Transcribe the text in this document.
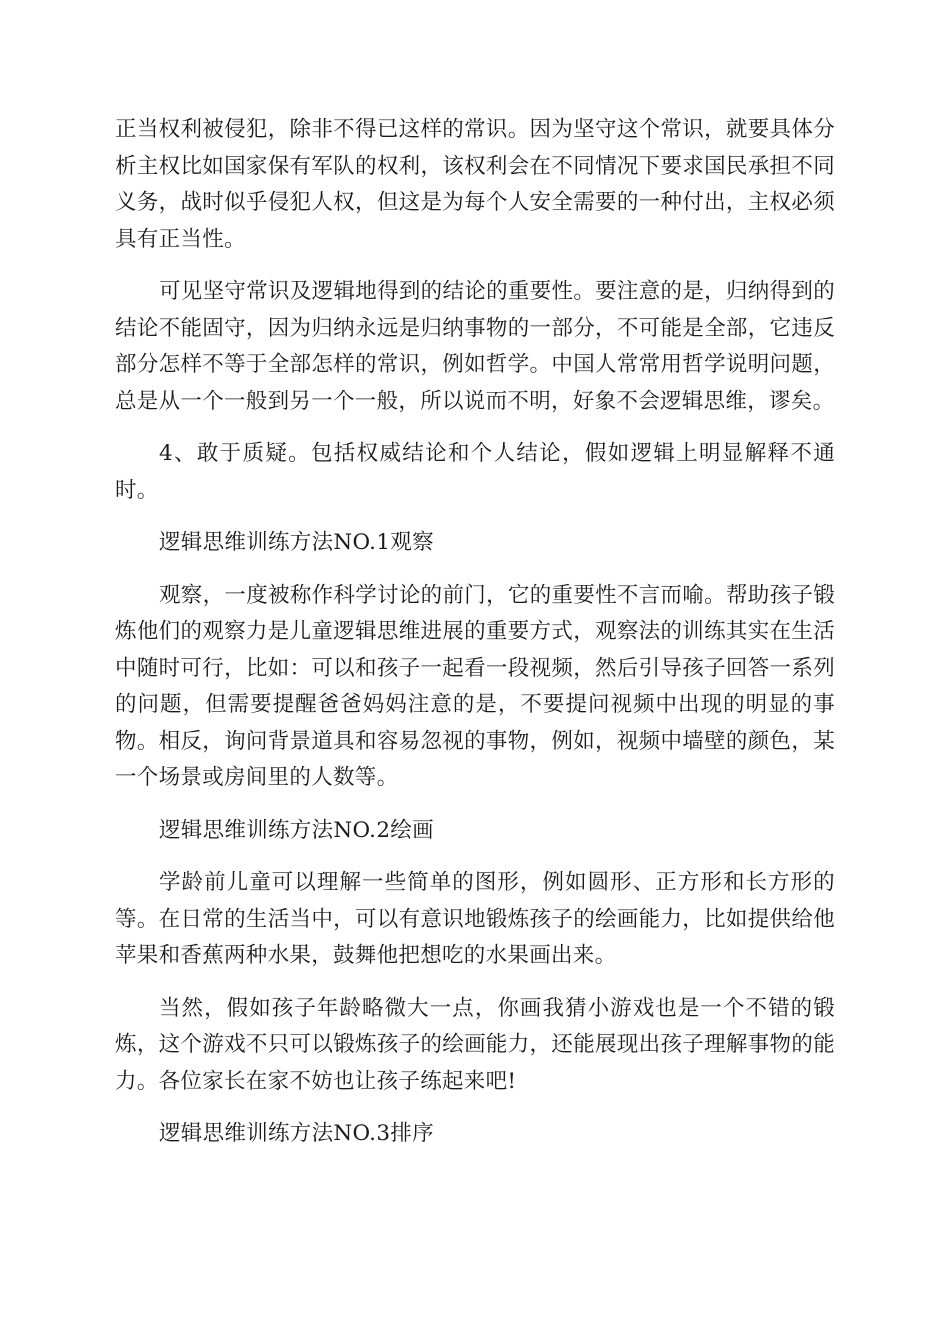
正当权利被侵犯，除非不得已这样的常识。因为坚守这个常识，就要具体分析主权比如国家保有军队的权利，该权利会在不同情况下要求国民承担不同义务，战时似乎侵犯人权，但这是为每个人安全需要的一种付出，主权必须具有正当性。

可见坚守常识及逻辑地得到的结论的重要性。要注意的是，归纳得到的结论不能固守，因为归纳永远是归纳事物的一部分，不可能是全部，它违反部分怎样不等于全部怎样的常识，例如哲学。中国人常常用哲学说明问题，总是从一个一般到另一个一般，所以说而不明，好象不会逻辑思维，谬矣。

4、敢于质疑。包括权威结论和个人结论，假如逻辑上明显解释不通时。

逻辑思维训练方法NO.1观察

观察，一度被称作科学讨论的前门，它的重要性不言而喻。帮助孩子锻炼他们的观察力是儿童逻辑思维进展的重要方式，观察法的训练其实在生活中随时可行，比如：可以和孩子一起看一段视频，然后引导孩子回答一系列的问题，但需要提醒爸爸妈妈注意的是，不要提问视频中出现的明显的事物。相反，询问背景道具和容易忽视的事物，例如，视频中墙壁的颜色，某一个场景或房间里的人数等。

逻辑思维训练方法NO.2绘画

学龄前儿童可以理解一些简单的图形，例如圆形、正方形和长方形的等。在日常的生活当中，可以有意识地锻炼孩子的绘画能力，比如提供给他苹果和香蕉两种水果，鼓舞他把想吃的水果画出来。

当然，假如孩子年龄略微大一点，你画我猜小游戏也是一个不错的锻炼，这个游戏不只可以锻炼孩子的绘画能力，还能展现出孩子理解事物的能力。各位家长在家不妨也让孩子练起来吧!

逻辑思维训练方法NO.3排序
